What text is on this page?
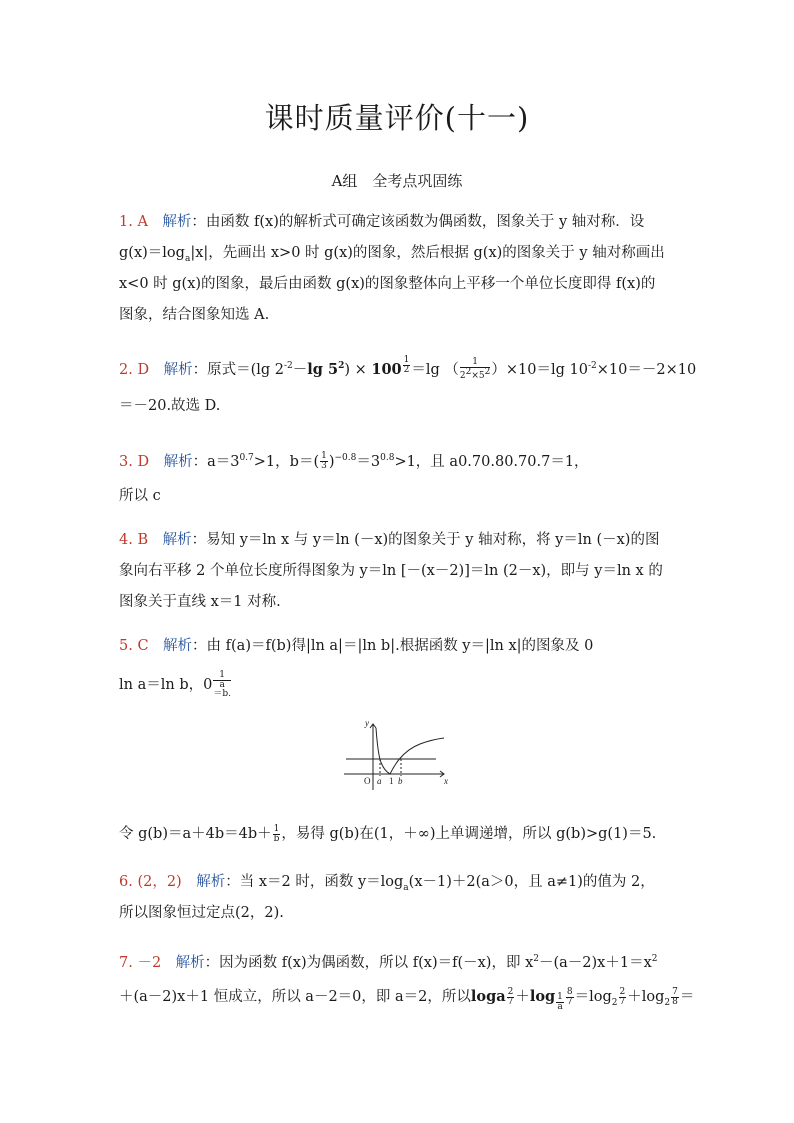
课时质量评价(十一)
A组　全考点巩固练
1. A　 解析：由函数 f(x)的解析式可确定该函数为偶函数，图象关于 y 轴对称．设
$g(x)=\log_a|x|$，先画出 x>0 时 g(x)的图象，然后根据 g(x)的图象关于 y 轴对称画出
x<0 时 g(x)的图象，最后由函数 g(x)的图象整体向上平移一个单位长度即得 f(x)的
图象，结合图象知选 A.
2. D　 解析：原式＝(lg $2^{-2}-\lg$ $5^2) \times 100$ $^{\frac{1}{2}}$ ＝lg （ $\frac{1}{2^2\times 5^2} )\times 10=\lg$ $10^{-2}\times 10=-2\times 10$
＝－20.故选 D.
3. D　 解析：$a=3^{0.7}>1$，$b=( \frac{1}{3} )^{-0.8}=3^{0.8}>1$，且 a0.70.80.70.7＝1，
所以 c
4. B　 解析：易知 y＝ln x 与 y＝ln (－x)的图象关于 y 轴对称，将 y＝ln (－x)的图
象向右平移 2 个单位长度所得图象为 y＝ln [－(x－2)]＝ln (2－x)，即与 y＝ln x 的
图象关于直线 x＝1 对称.
5. C　 解析：由 f(a)＝f(b)得|ln a|＝|ln b|.根据函数 y＝|ln x|的图象及 0
ln a＝ln b，0
1
a
＝b.
y
x
O a 1 b
令 $g(b)=a+4b=4b+ \frac{1}{b}$ ，易得 g(b)在(1，＋∞)上单调递增，所以 g(b)>g(1)＝5.
6. (2，2)　 解析：当 x＝2 时，函数 $y=\log_a(x-1)+2(a>0$，且 a≠1)的值为 2，
所以图象恒过定点(2，2).
7. －2　 解析：因为函数 f(x)为偶函数，所以 f(x)＝f(－x)，即 $x^2-(a-2)x+1=x^2$
＋(a－2)x＋1 恒成立，所以 a－2＝0，即 a＝2，所以loga $\frac{2}{7} +\log$ $_{\frac{1}{a}} \frac{8}{7} =\log_2 \frac{2}{7} +\log_2 \frac{7}{8}$ ＝
